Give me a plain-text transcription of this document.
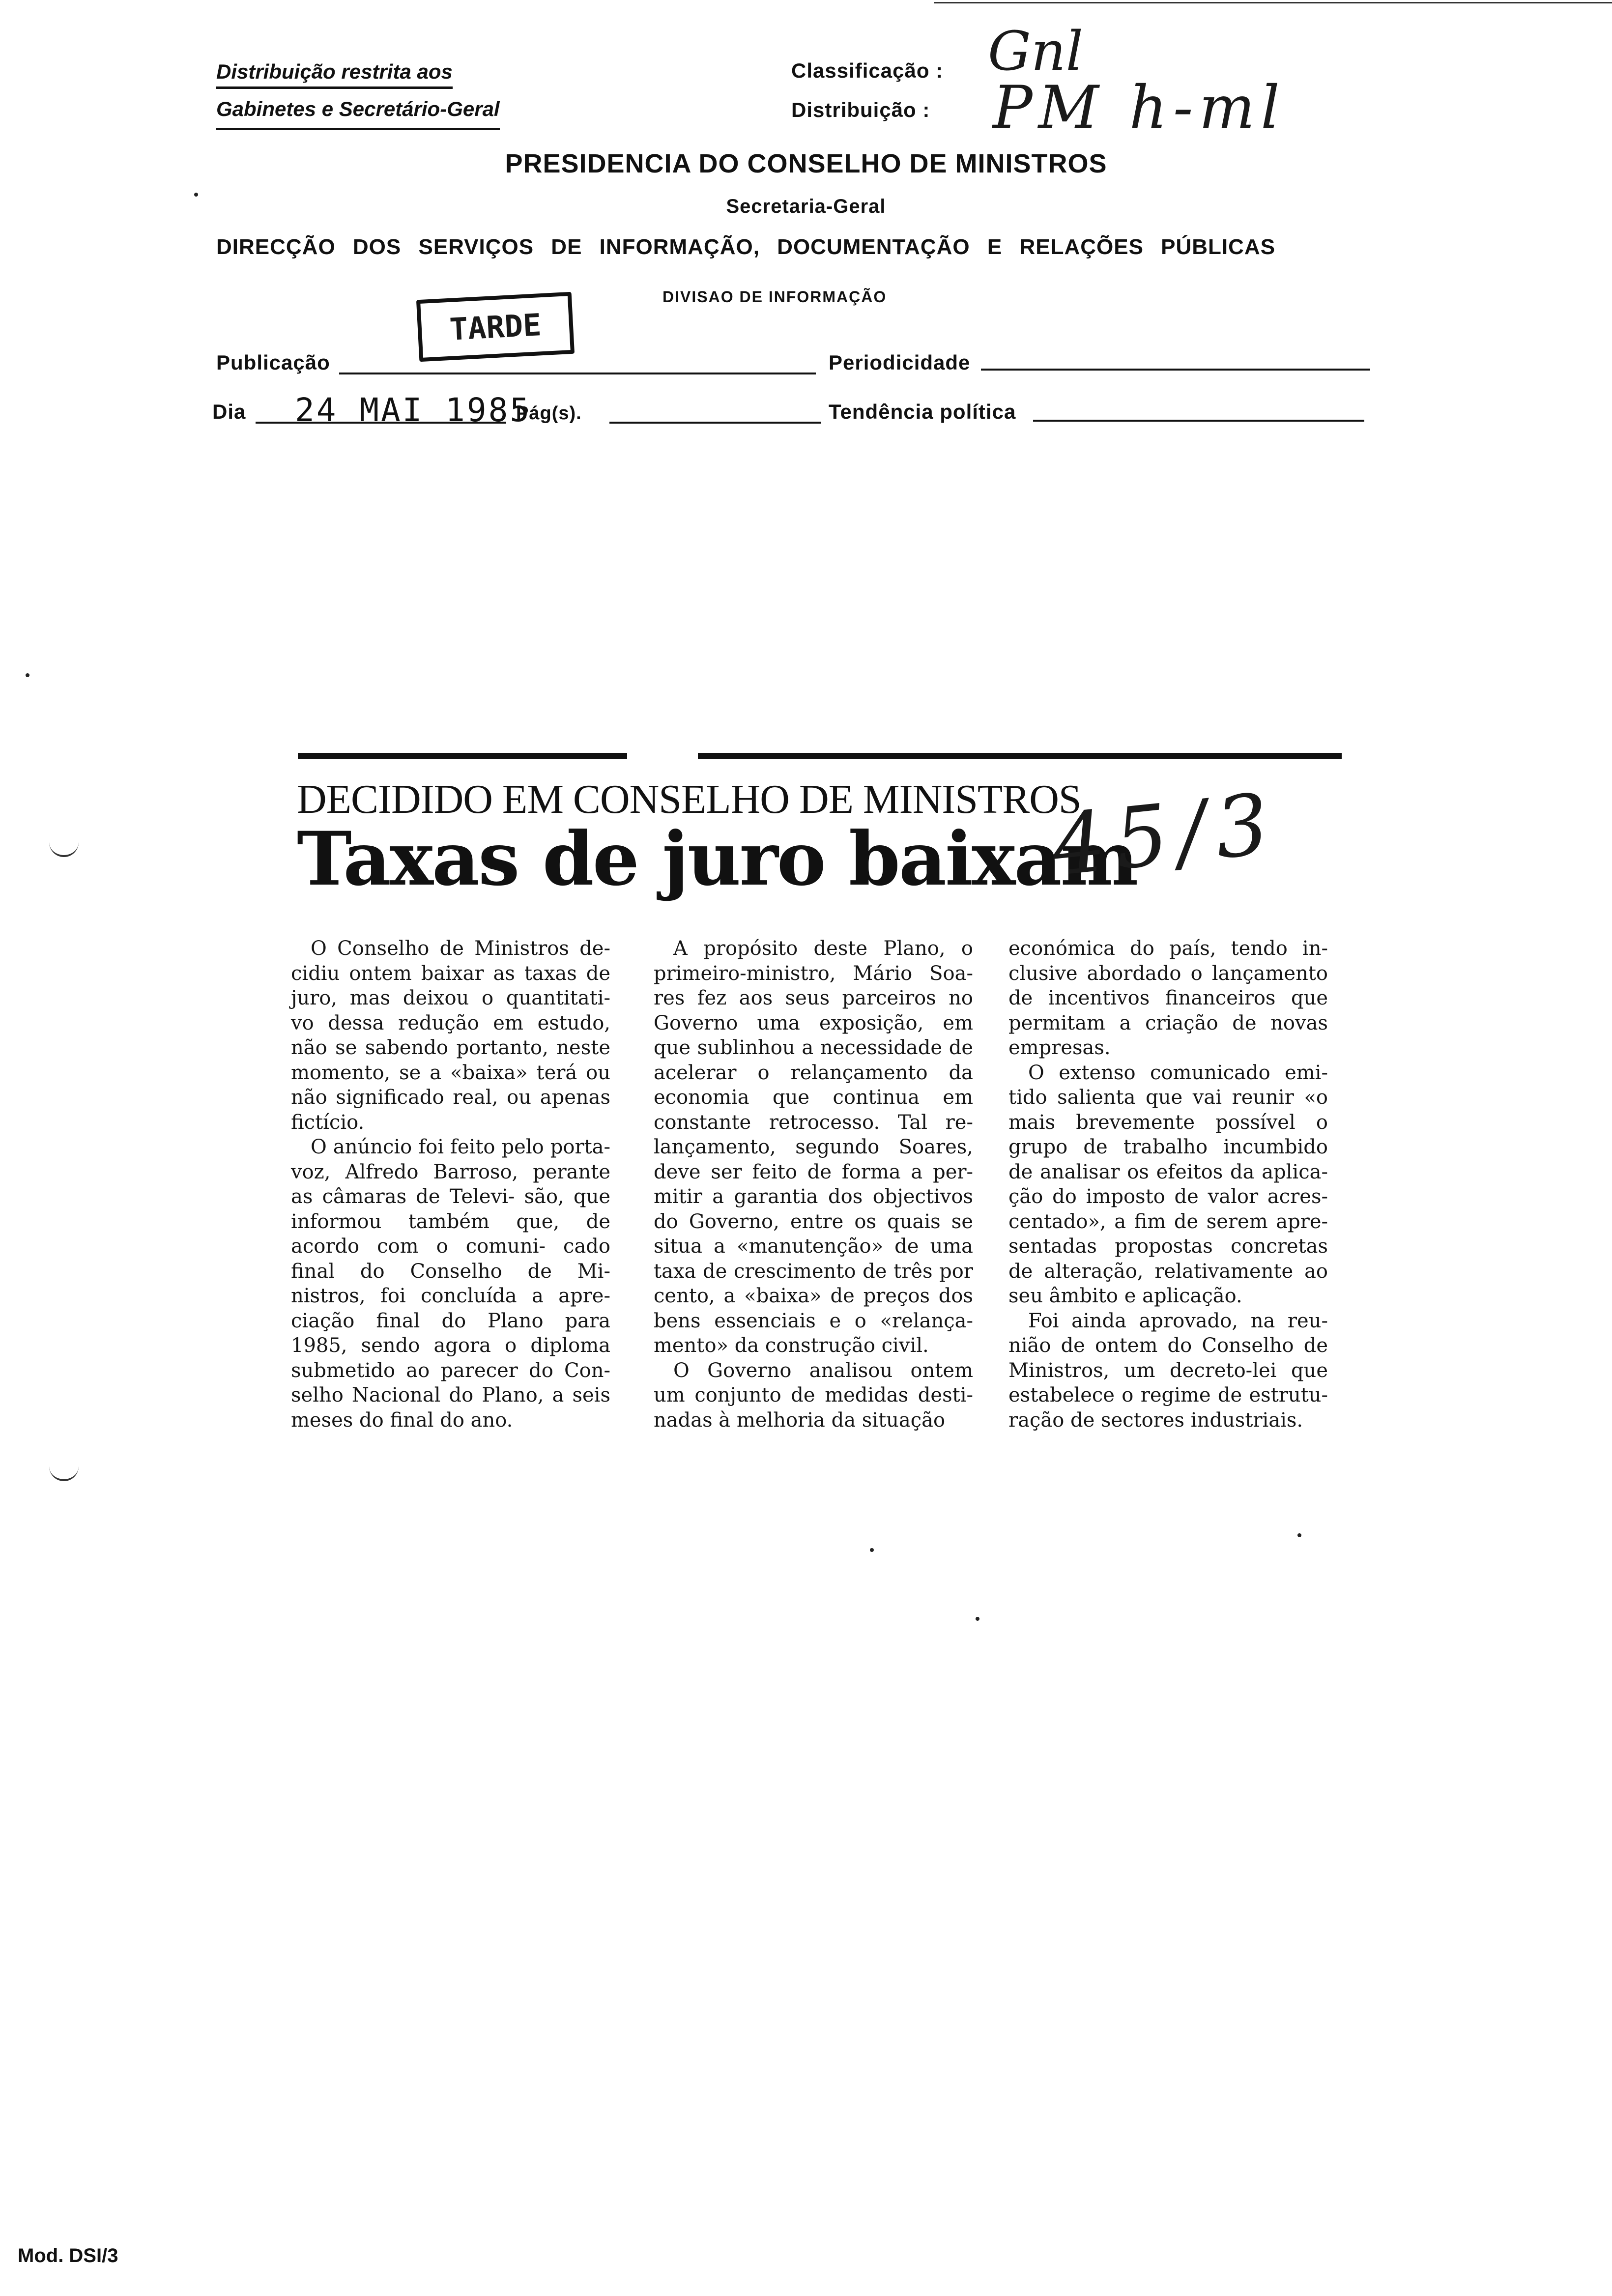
Distribuição restrita aos
Gabinetes e Secretário-Geral
Classificação :
Distribuição :
Gnl
PM h-ml
PRESIDENCIA DO CONSELHO DE MINISTROS
Secretaria-Geral
DIRECÇÃO DOS SERVIÇOS DE INFORMAÇÃO, DOCUMENTAÇÃO E RELAÇÕES PÚBLICAS
DIVISAO DE INFORMAÇÃO
Publicação
TARDE
Periodicidade
Dia 24 MAI 1985
Pág(s).	Tendência política
DECIDIDO EM CONSELHO DE MINISTROS
Taxas de juro baixam
45/3

O Conselho de Ministros de- cidiu ontem baixar as taxas de juro, mas deixou o quantitati- vo dessa redução em estudo, não se sabendo portanto, neste momento, se a «baixa» terá ou não significado real, ou apenas fictício.

O anúncio foi feito pelo porta-voz, Alfredo Barroso, perante as câmaras de Televi- são, que informou também que, de acordo com o comuni- cado final do Conselho de Mi- nistros, foi concluída a apre- ciação final do Plano para 1985, sendo agora o diploma submetido ao parecer do Con- selho Nacional do Plano, a seis meses do final do ano.

A propósito deste Plano, o primeiro-ministro, Mário Soa- res fez aos seus parceiros no Governo uma exposição, em que sublinhou a necessidade de acelerar o relançamento da economia que continua em constante retrocesso. Tal re- lançamento, segundo Soares, deve ser feito de forma a per- mitir a garantia dos objectivos do Governo, entre os quais se situa a «manutenção» de uma taxa de crescimento de três por cento, a «baixa» de preços dos bens essenciais e o «relança- mento» da construção civil.

O Governo analisou ontem um conjunto de medidas desti- nadas à melhoria da situação

económica do país, tendo in- clusive abordado o lançamento de incentivos financeiros que permitam a criação de novas empresas.

O extenso comunicado emi- tido salienta que vai reunir «o mais brevemente possível o grupo de trabalho incumbido de analisar os efeitos da aplica- ção do imposto de valor acres- centado», a fim de serem apre- sentadas propostas concretas de alteração, relativamente ao seu âmbito e aplicação.

Foi ainda aprovado, na reu- nião de ontem do Conselho de Ministros, um decreto-lei que estabelece o regime de estrutu- ração de sectores industriais.

Mod. DSI/3
